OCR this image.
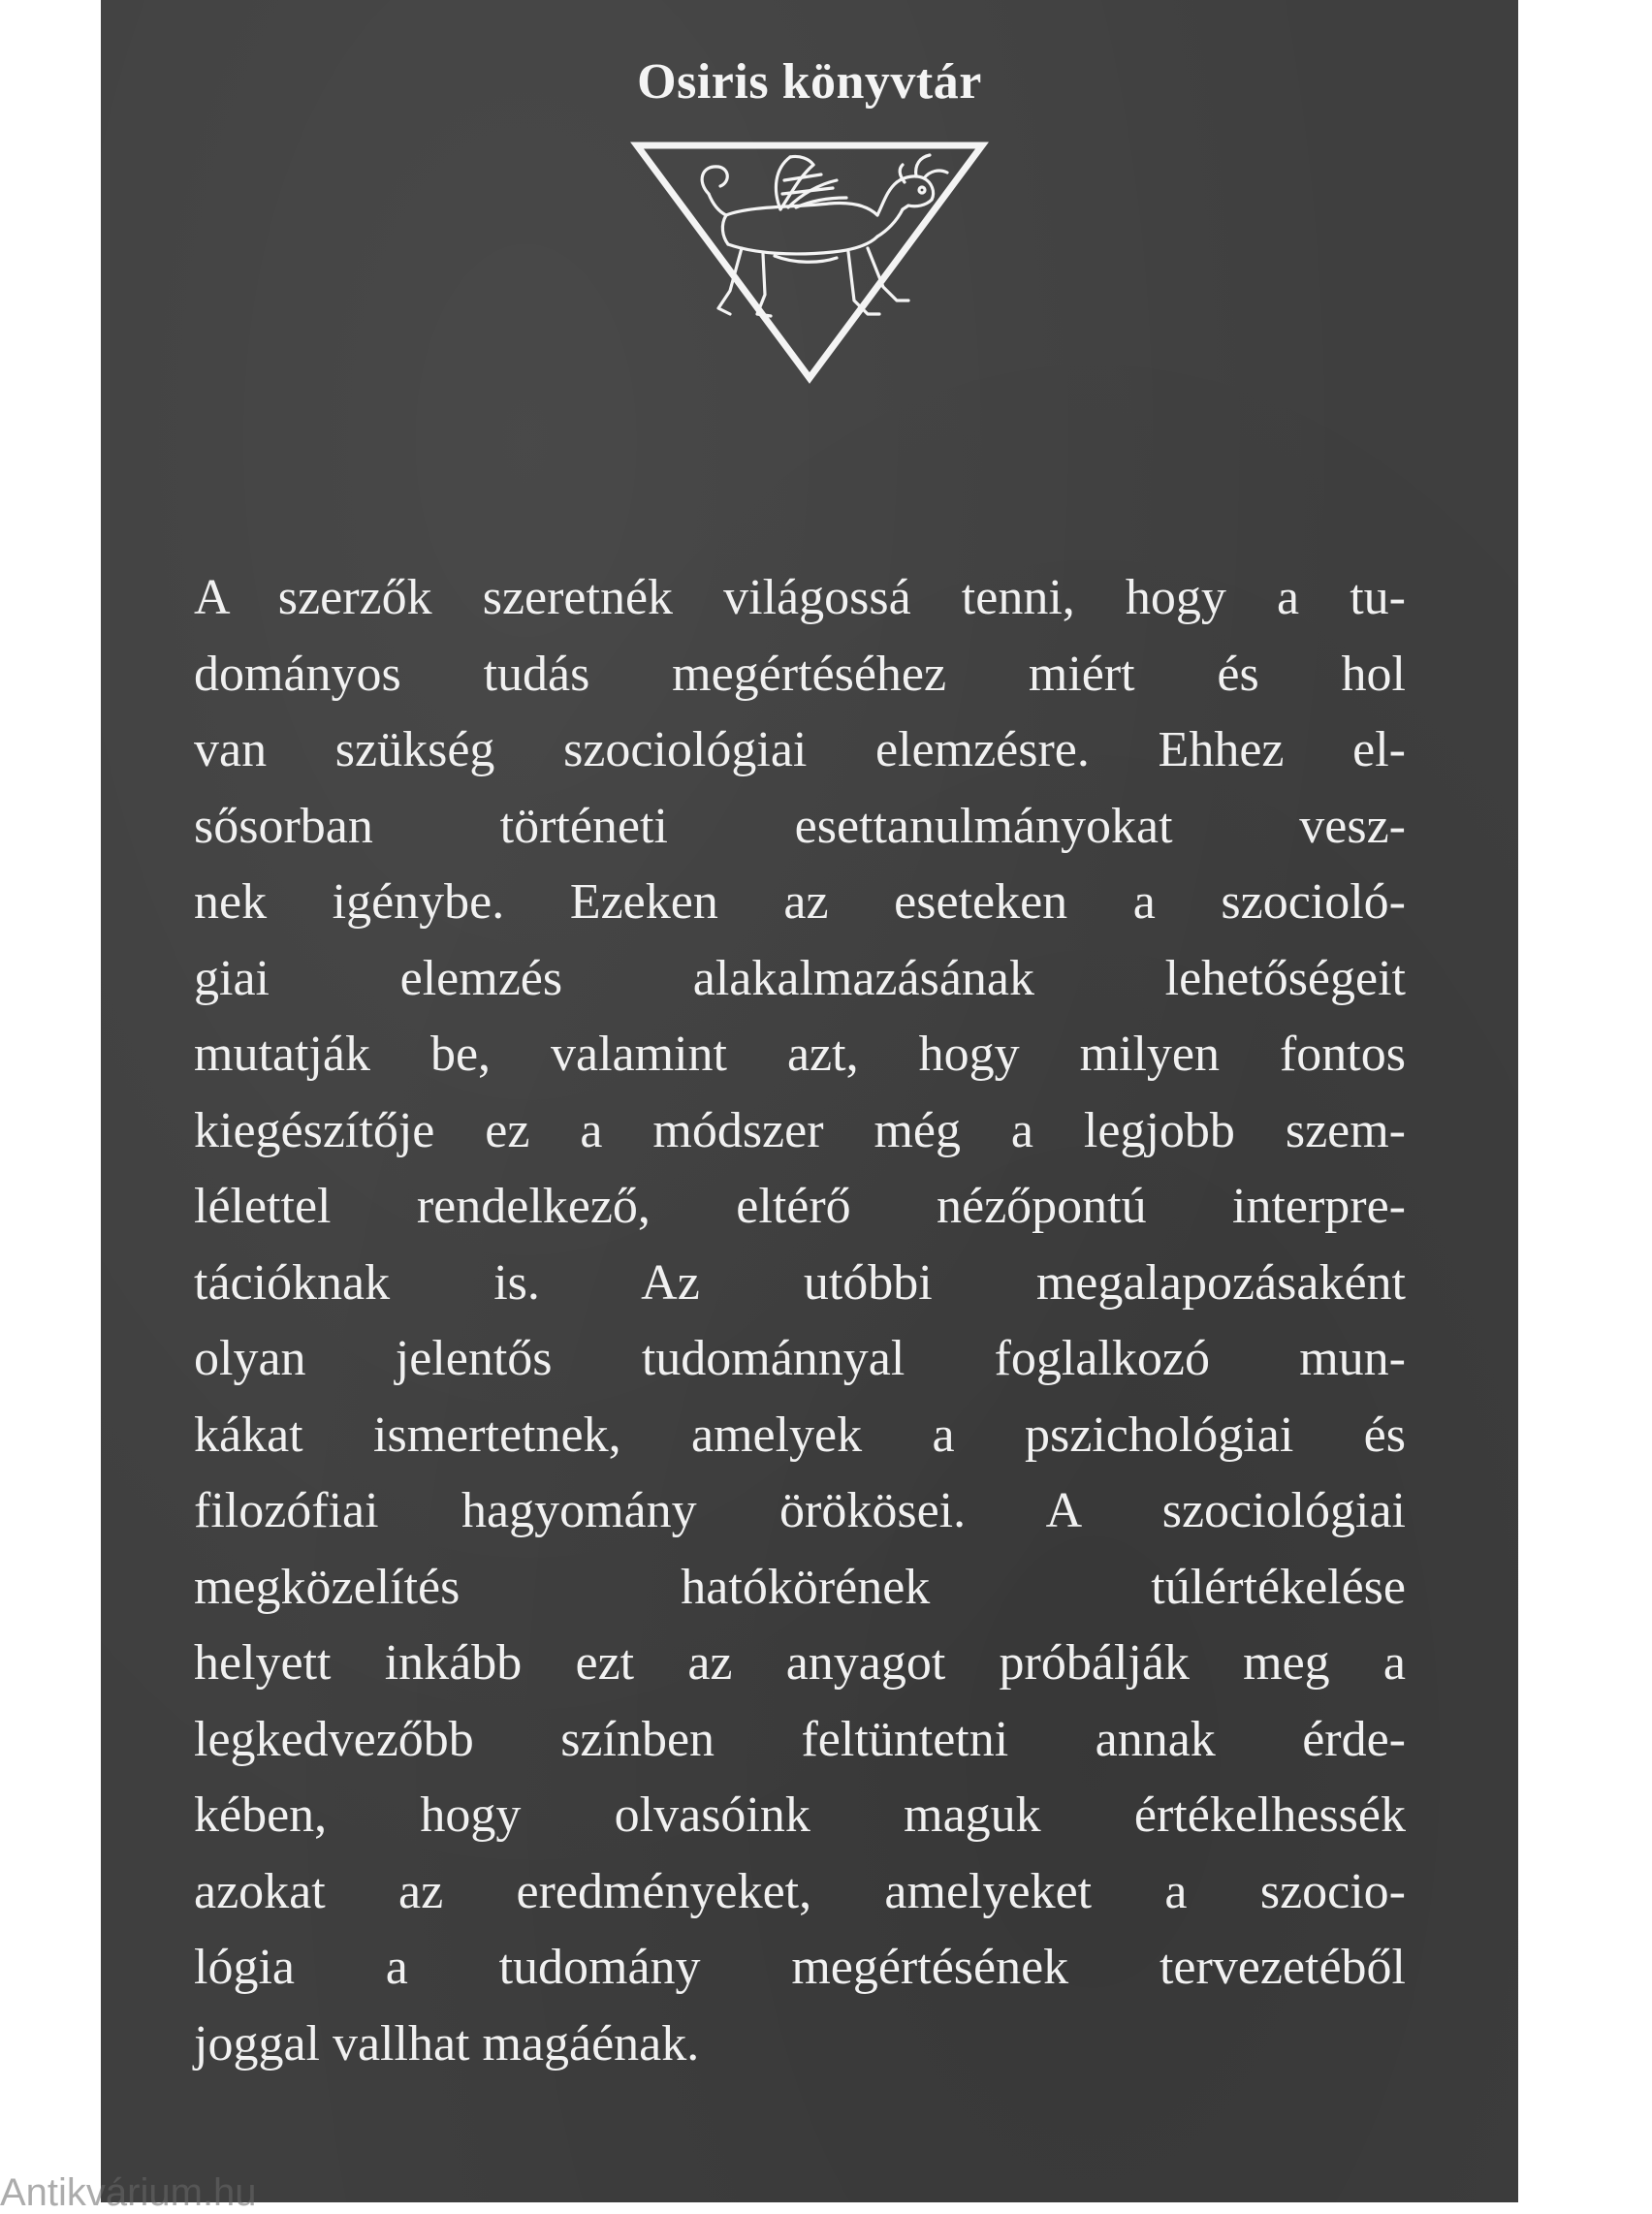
Osiris könyvtár

A szerzők szeretnék világossá tenni, hogy a tu-
dományos tudás megértéséhez miért és hol
van szükség szociológiai elemzésre. Ehhez el-
sősorban történeti esettanulmányokat vesz-
nek igénybe. Ezeken az eseteken a szocioló-
giai elemzés alakalmazásának lehetőségeit
mutatják be, valamint azt, hogy milyen fontos
kiegészítője ez a módszer még a legjobb szem-
lélettel rendelkező, eltérő nézőpontú interpre-
tációknak is. Az utóbbi megalapozásaként
olyan jelentős tudománnyal foglalkozó mun-
kákat ismertetnek, amelyek a pszichológiai és
filozófiai hagyomány örökösei. A szociológiai
megközelítés hatókörének túlértékelése
helyett inkább ezt az anyagot próbálják meg a
legkedvezőbb színben feltüntetni annak érde-
kében, hogy olvasóink maguk értékelhessék
azokat az eredményeket, amelyeket a szocio-
lógia a tudomány megértésének tervezetéből
joggal vallhat magáénak.

Antikvárium.hu
